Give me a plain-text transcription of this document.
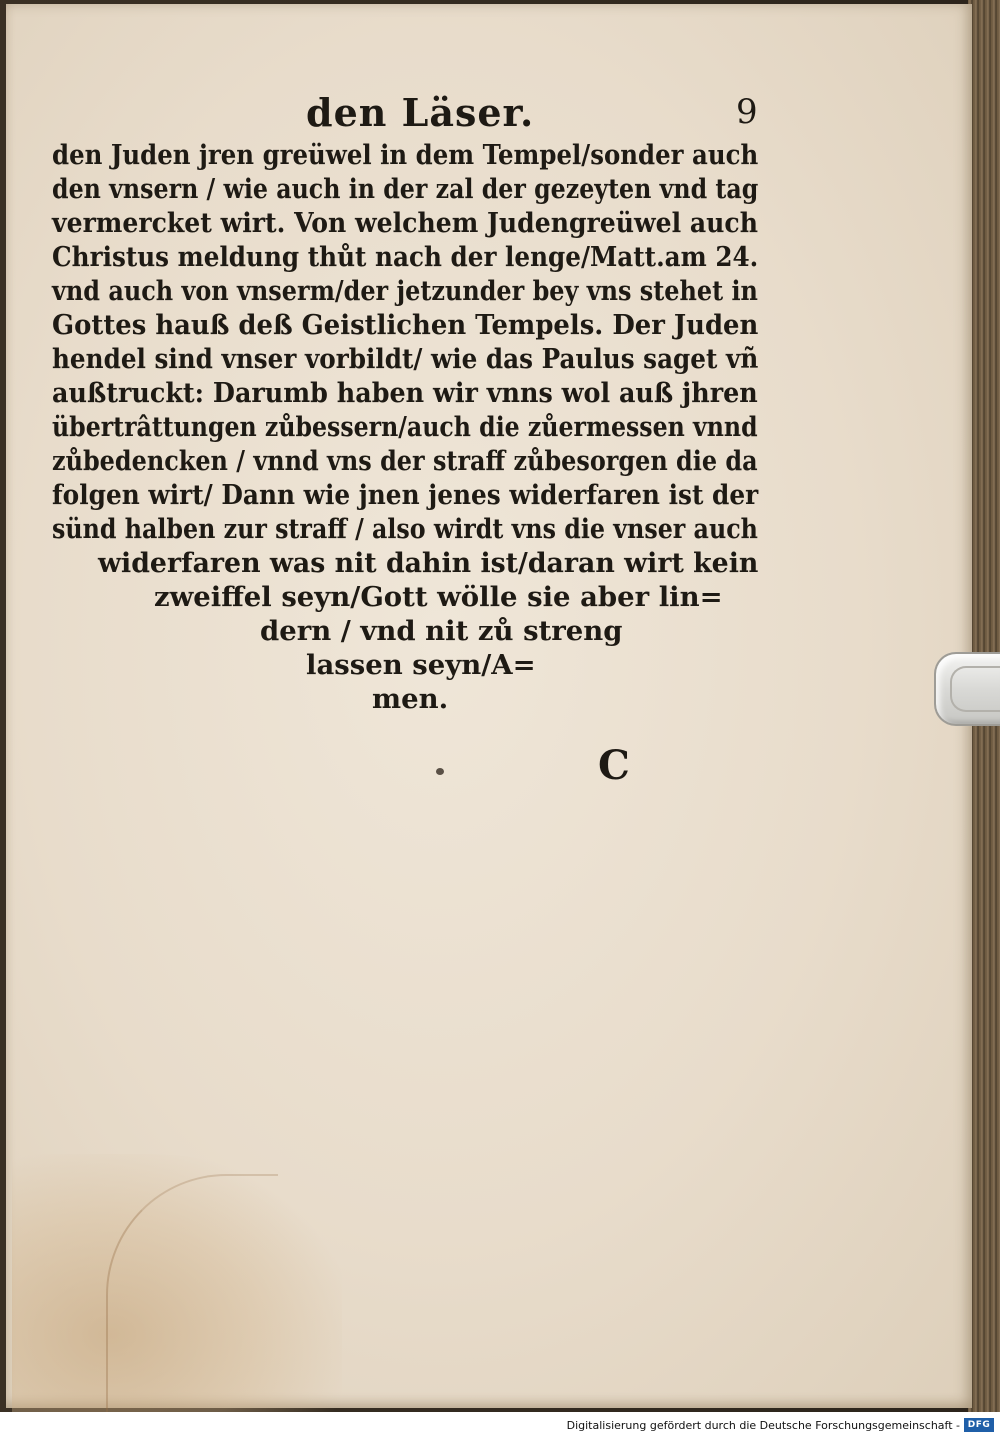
den Läser.	9
den Juden jren greüwel in dem Tempel/sonder auch
den vnsern / wie auch in der zal der gezeyten vnd tag
vermercket wirt. Von welchem Judengreüwel auch
Christus meldung thůt nach der lenge/Matt.am 24.
vnd auch von vnserm/der jetzunder bey vns stehet in
Gottes hauß deß Geistlichen Tempels. Der Juden
hendel sind vnser vorbildt/ wie das Paulus saget vñ
außtruckt: Darumb haben wir vnns wol auß jhren
übertrâttungen zůbessern/auch die zůermessen vnnd
zůbedencken / vnnd vns der straff zůbesorgen die da
folgen wirt/ Dann wie jnen jenes widerfaren ist der
sünd halben zur straff / also wirdt vns die vnser auch
widerfaren was nit dahin ist/daran wirt kein
zweiffel seyn/Gott wölle sie aber lin=
dern / vnd nit zů streng
lassen seyn/A=
men.
C
Digitalisierung gefördert durch die Deutsche Forschungsgemeinschaft - DFG
